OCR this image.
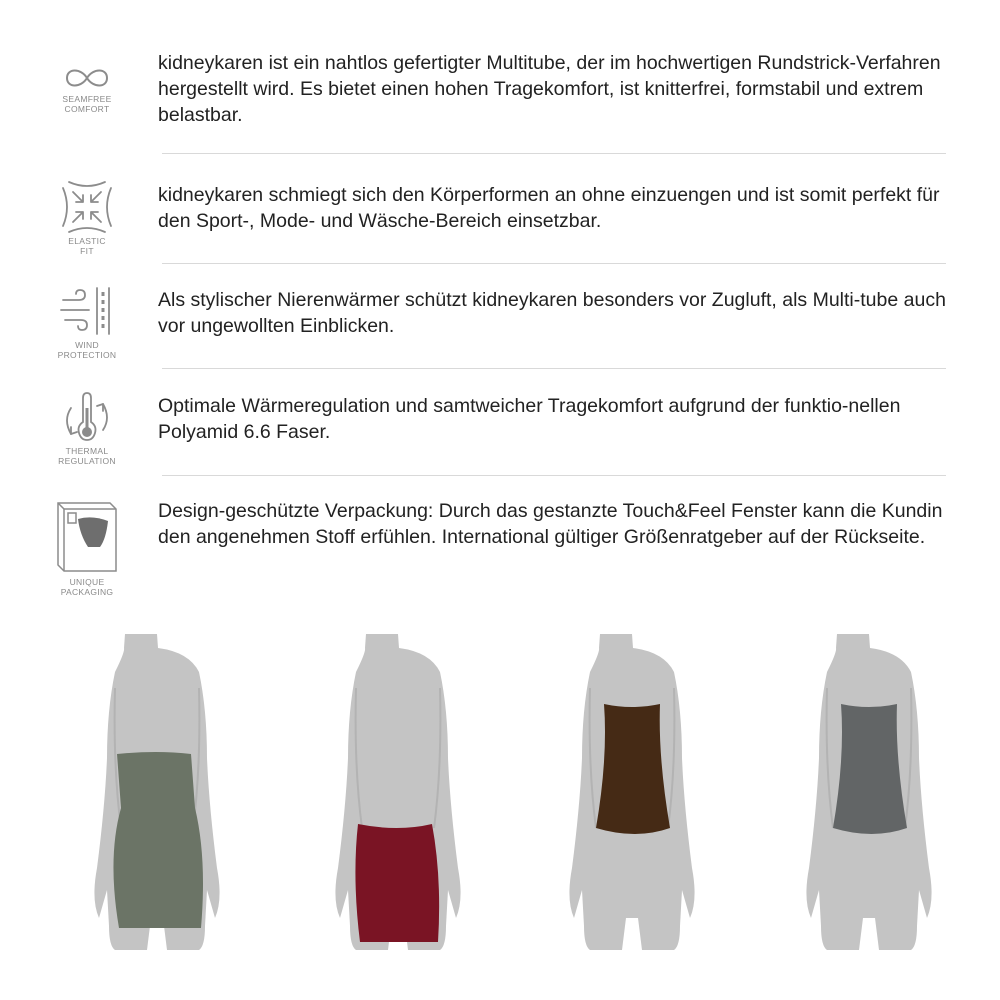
SEAMFREE
COMFORT
kidneykaren ist ein nahtlos gefertigter Multitube, der im hochwertigen Rundstrick-Verfahren hergestellt wird. Es bietet einen hohen Tragekomfort, ist knitterfrei, formstabil und extrem belastbar.
ELASTIC
FIT
kidneykaren schmiegt sich den Körperformen an ohne einzuengen und ist somit perfekt für den Sport-, Mode- und Wäsche-Bereich einsetzbar.
WIND
PROTECTION
Als stylischer Nierenwärmer schützt kidneykaren besonders vor Zugluft, als Multi-tube auch vor ungewollten Einblicken.
THERMAL
REGULATION
Optimale Wärmeregulation und samtweicher Tragekomfort aufgrund der funktio-nellen Polyamid 6.6 Faser.
UNIQUE
PACKAGING
Design-geschützte Verpackung: Durch das gestanzte Touch&Feel Fenster kann die Kundin den angenehmen Stoff erfühlen. International gültiger Größenratgeber auf der Rückseite.
